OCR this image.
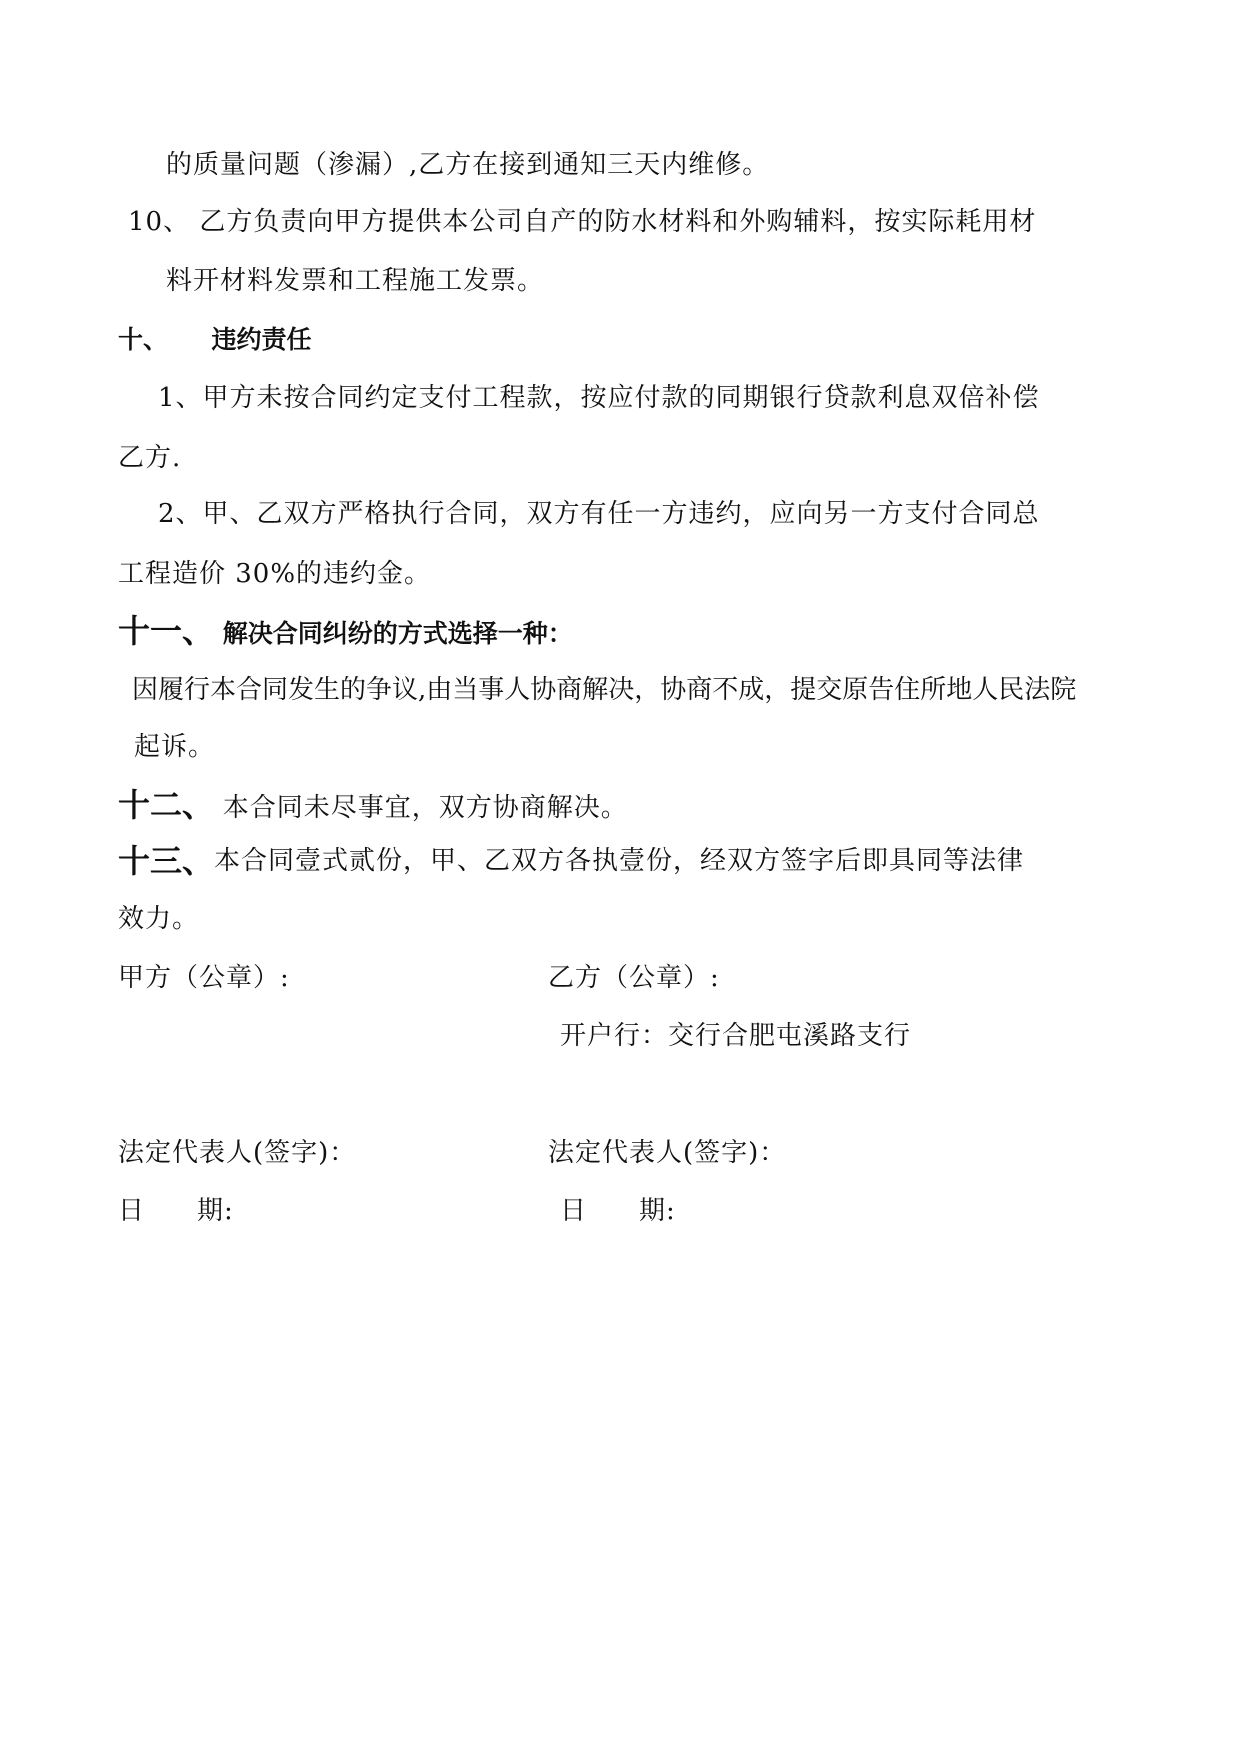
的质量问题（渗漏）,乙方在接到通知三天内维修。
10、 乙方负责向甲方提供本公司自产的防水材料和外购辅料，按实际耗用材
料开材料发票和工程施工发票。
十、 违约责任
1、甲方未按合同约定支付工程款，按应付款的同期银行贷款利息双倍补偿
乙方.
2、甲、乙双方严格执行合同，双方有任一方违约，应向另一方支付合同总
工程造价 30%的违约金。
十一、 解决合同纠纷的方式选择一种：
因履行本合同发生的争议,由当事人协商解决，协商不成，提交原告住所地人民法院
起诉。
十二、 本合同未尽事宜，双方协商解决。
十三、 本合同壹式贰份，甲、乙双方各执壹份，经双方签字后即具同等法律
效力。
甲方（公章）:	乙方（公章）:
开户行：交行合肥屯溪路支行
法定代表人(签字)：	法定代表人(签字)：
日 期:	日 期:
